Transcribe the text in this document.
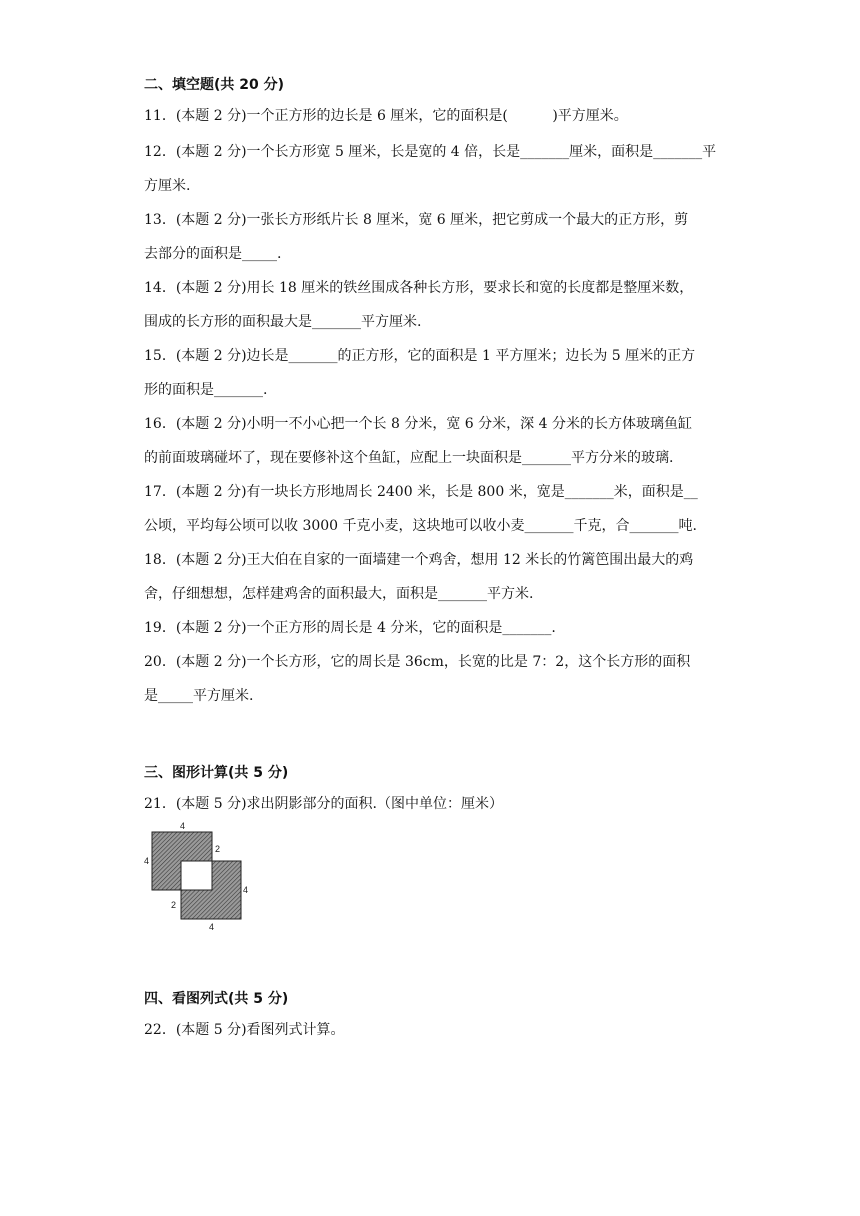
二、填空题(共 20 分)
11．(本题 2 分)一个正方形的边长是 6 厘米，它的面积是(          )平方厘米。
12．(本题 2 分)一个长方形宽 5 厘米，长是宽的 4 倍，长是_______厘米，面积是_______平
方厘米.
13．(本题 2 分)一张长方形纸片长 8 厘米，宽 6 厘米，把它剪成一个最大的正方形，剪
去部分的面积是_____.
14．(本题 2 分)用长 18 厘米的铁丝围成各种长方形，要求长和宽的长度都是整厘米数，
围成的长方形的面积最大是_______平方厘米.
15．(本题 2 分)边长是_______的正方形，它的面积是 1 平方厘米；边长为 5 厘米的正方
形的面积是_______.
16．(本题 2 分)小明一不小心把一个长 8 分米，宽 6 分米，深 4 分米的长方体玻璃鱼缸
的前面玻璃碰坏了，现在要修补这个鱼缸，应配上一块面积是_______平方分米的玻璃.
17．(本题 2 分)有一块长方形地周长 2400 米，长是 800 米，宽是_______米，面积是__
公顷，平均每公顷可以收 3000 千克小麦，这块地可以收小麦_______千克，合_______吨.
18．(本题 2 分)王大伯在自家的一面墙建一个鸡舍，想用 12 米长的竹篱笆围出最大的鸡
舍，仔细想想，怎样建鸡舍的面积最大，面积是_______平方米.
19．(本题 2 分)一个正方形的周长是 4 分米，它的面积是_______.
20．(本题 2 分)一个长方形，它的周长是 36cm，长宽的比是 7：2，这个长方形的面积
是_____平方厘米.
三、图形计算(共 5 分)
21．(本题 5 分)求出阴影部分的面积.（图中单位：厘米）
4
4
2
4
2
4
四、看图列式(共 5 分)
22．(本题 5 分)看图列式计算。
